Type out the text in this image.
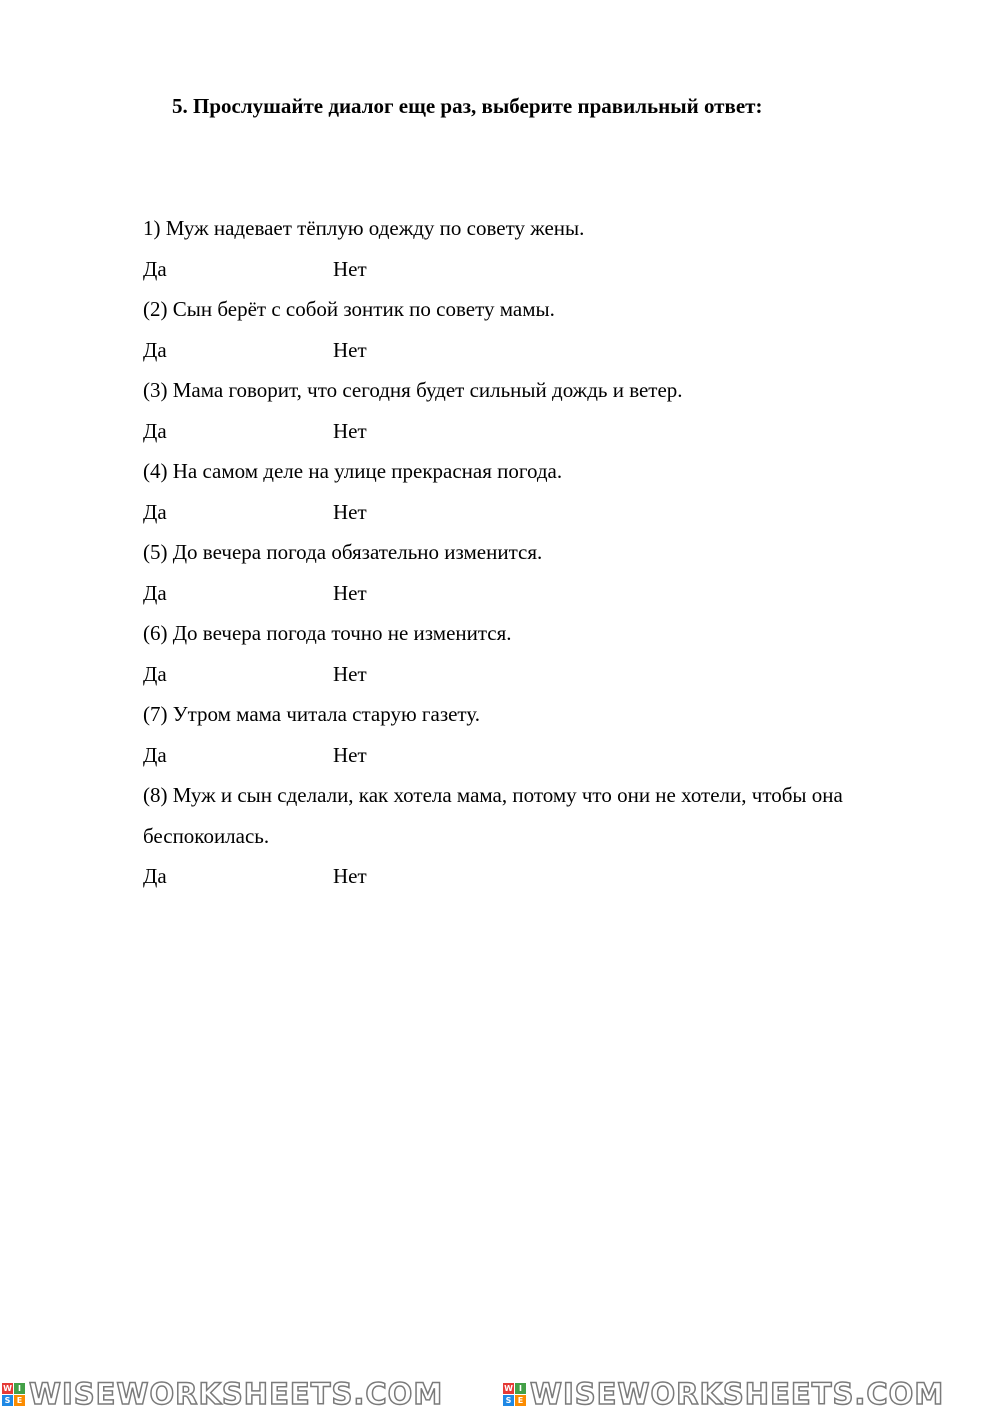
5. Прослушайте диалог еще раз, выберите правильный ответ:
1) Муж надевает тёплую одежду по совету жены.
Да	Нет
(2) Сын берёт с собой зонтик по совету мамы.
Да	Нет
(3) Мама говорит, что сегодня будет сильный дождь и ветер.
Да	Нет
(4) На самом деле на улице прекрасная погода.
Да	Нет
(5) До вечера погода обязательно изменится.
Да	Нет
(6) До вечера погода точно не изменится.
Да	Нет
(7) Утром мама читала старую газету.
Да	Нет
(8) Муж и сын сделали, как хотела мама, потому что они не хотели, чтобы она беспокоилась.
Да	Нет
W I
S E WISEWORKSHEETS.COM	W I
S E WISEWORKSHEETS.COM
